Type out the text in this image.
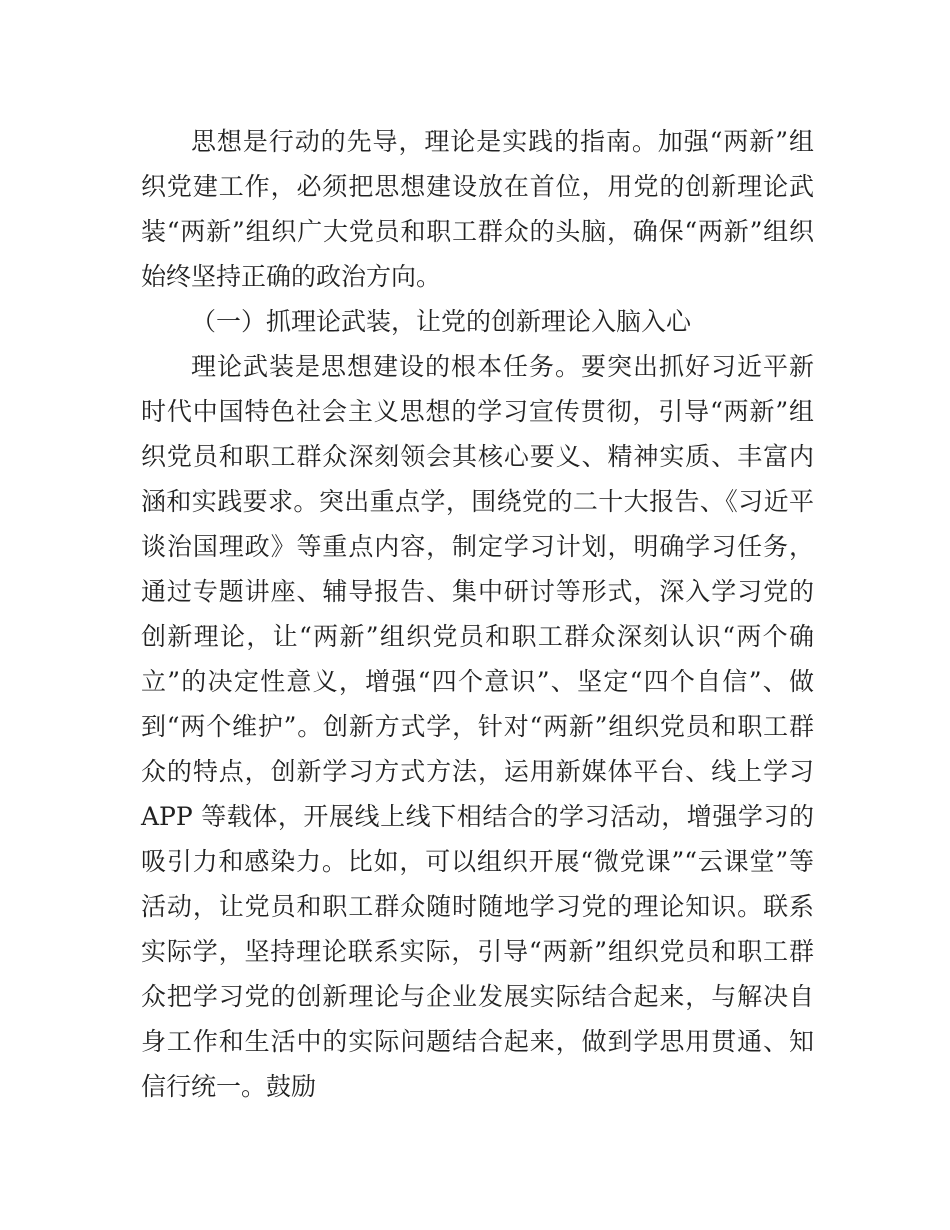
思想是行动的先导，理论是实践的指南。加强“两新”组织党建工作，必须把思想建设放在首位，用党的创新理论武装“两新”组织广大党员和职工群众的头脑，确保“两新”组织始终坚持正确的政治方向。

（一）抓理论武装，让党的创新理论入脑入心

理论武装是思想建设的根本任务。要突出抓好习近平新时代中国特色社会主义思想的学习宣传贯彻，引导“两新”组织党员和职工群众深刻领会其核心要义、精神实质、丰富内涵和实践要求。突出重点学，围绕党的二十大报告、《习近平谈治国理政》等重点内容，制定学习计划，明确学习任务，通过专题讲座、辅导报告、集中研讨等形式，深入学习党的创新理论，让“两新”组织党员和职工群众深刻认识“两个确立”的决定性意义，增强“四个意识”、坚定“四个自信”、做到“两个维护”。创新方式学，针对“两新”组织党员和职工群众的特点，创新学习方式方法，运用新媒体平台、线上学习 APP 等载体，开展线上线下相结合的学习活动，增强学习的吸引力和感染力。比如，可以组织开展“微党课”“云课堂”等活动，让党员和职工群众随时随地学习党的理论知识。联系实际学，坚持理论联系实际，引导“两新”组织党员和职工群众把学习党的创新理论与企业发展实际结合起来，与解决自身工作和生活中的实际问题结合起来，做到学思用贯通、知信行统一。鼓励
